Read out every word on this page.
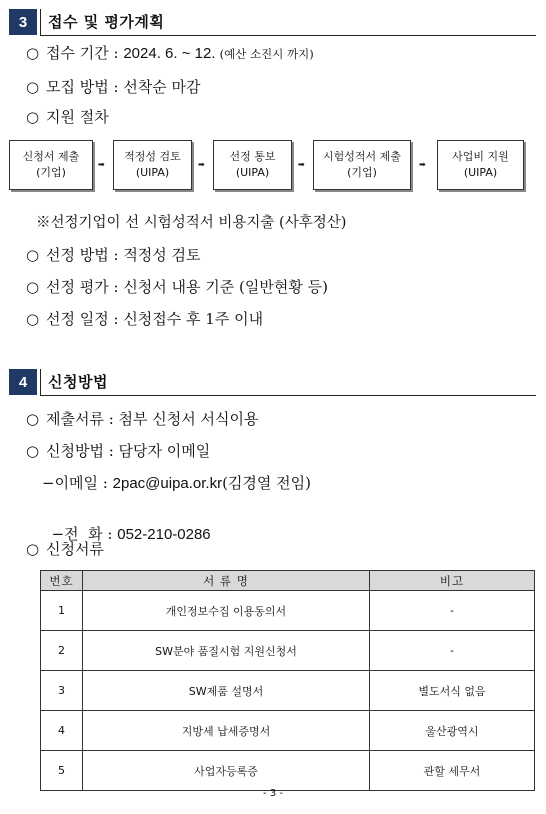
3	접수 및 평가계획
○ 접수 기간 : 2024. 6. ~ 12. (예산 소진시 까지)
○ 모집 방법 : 선착순 마감
○ 지원 절차
신청서 제출
(기업)
➡
적정성 검토
(UIPA)
➡
선정 통보
(UIPA)
➡
시험성적서 제출
(기업)
➡
사업비 지원
(UIPA)
※선정기업이 선 시험성적서 비용지출 (사후정산)
○ 선정 방법 : 적정성 검토
○ 선정 평가 : 신청서 내용 기준 (일반현황 등)
○ 선정 일정 : 신청접수 후 1주 이내
4	신청방법
○ 제출서류 : 첨부 신청서 서식이용
○ 신청방법 : 담당자 이메일
−이메일 : 2pac@uipa.or.kr(김경열 전임)

−전  화 : 052-210-0286

○ 신청서류
번호	서 류 명	비고
1	개인정보수집 이용동의서	-
2	SW분야 품질시험 지원신청서	-
3	SW제품 설명서	별도서식 없음
4	지방세 납세증명서	울산광역시
5	사업자등록증	관할 세무서
- 3 -
